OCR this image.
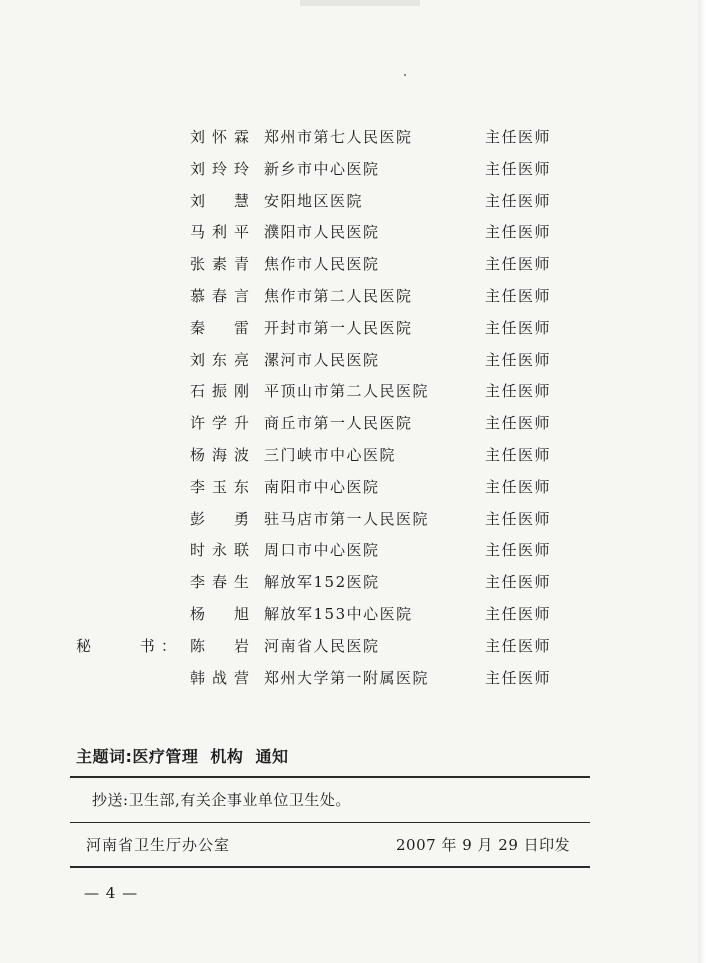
刘怀霖 郑州市第七人民医院	主任医师
刘玲玲 新乡市中心医院	主任医师
刘　慧 安阳地区医院	主任医师
马利平 濮阳市人民医院	主任医师
张素青 焦作市人民医院	主任医师
慕春言 焦作市第二人民医院	主任医师
秦　雷 开封市第一人民医院	主任医师
刘东亮 漯河市人民医院	主任医师
石振刚 平顶山市第二人民医院	主任医师
许学升 商丘市第一人民医院	主任医师
杨海波 三门峡市中心医院	主任医师
李玉东 南阳市中心医院	主任医师
彭　勇 驻马店市第一人民医院	主任医师
时永联 周口市中心医院	主任医师
李春生 解放军152医院	主任医师
杨　旭 解放军153中心医院	主任医师
秘　　书： 陈　岩 河南省人民医院	主任医师
韩战营 郑州大学第一附属医院	主任医师
主题词:医疗管理 机构 通知
抄送:卫生部,有关企事业单位卫生处。
河南省卫生厅办公室	2007 年 9 月 29 日印发
— 4 —
